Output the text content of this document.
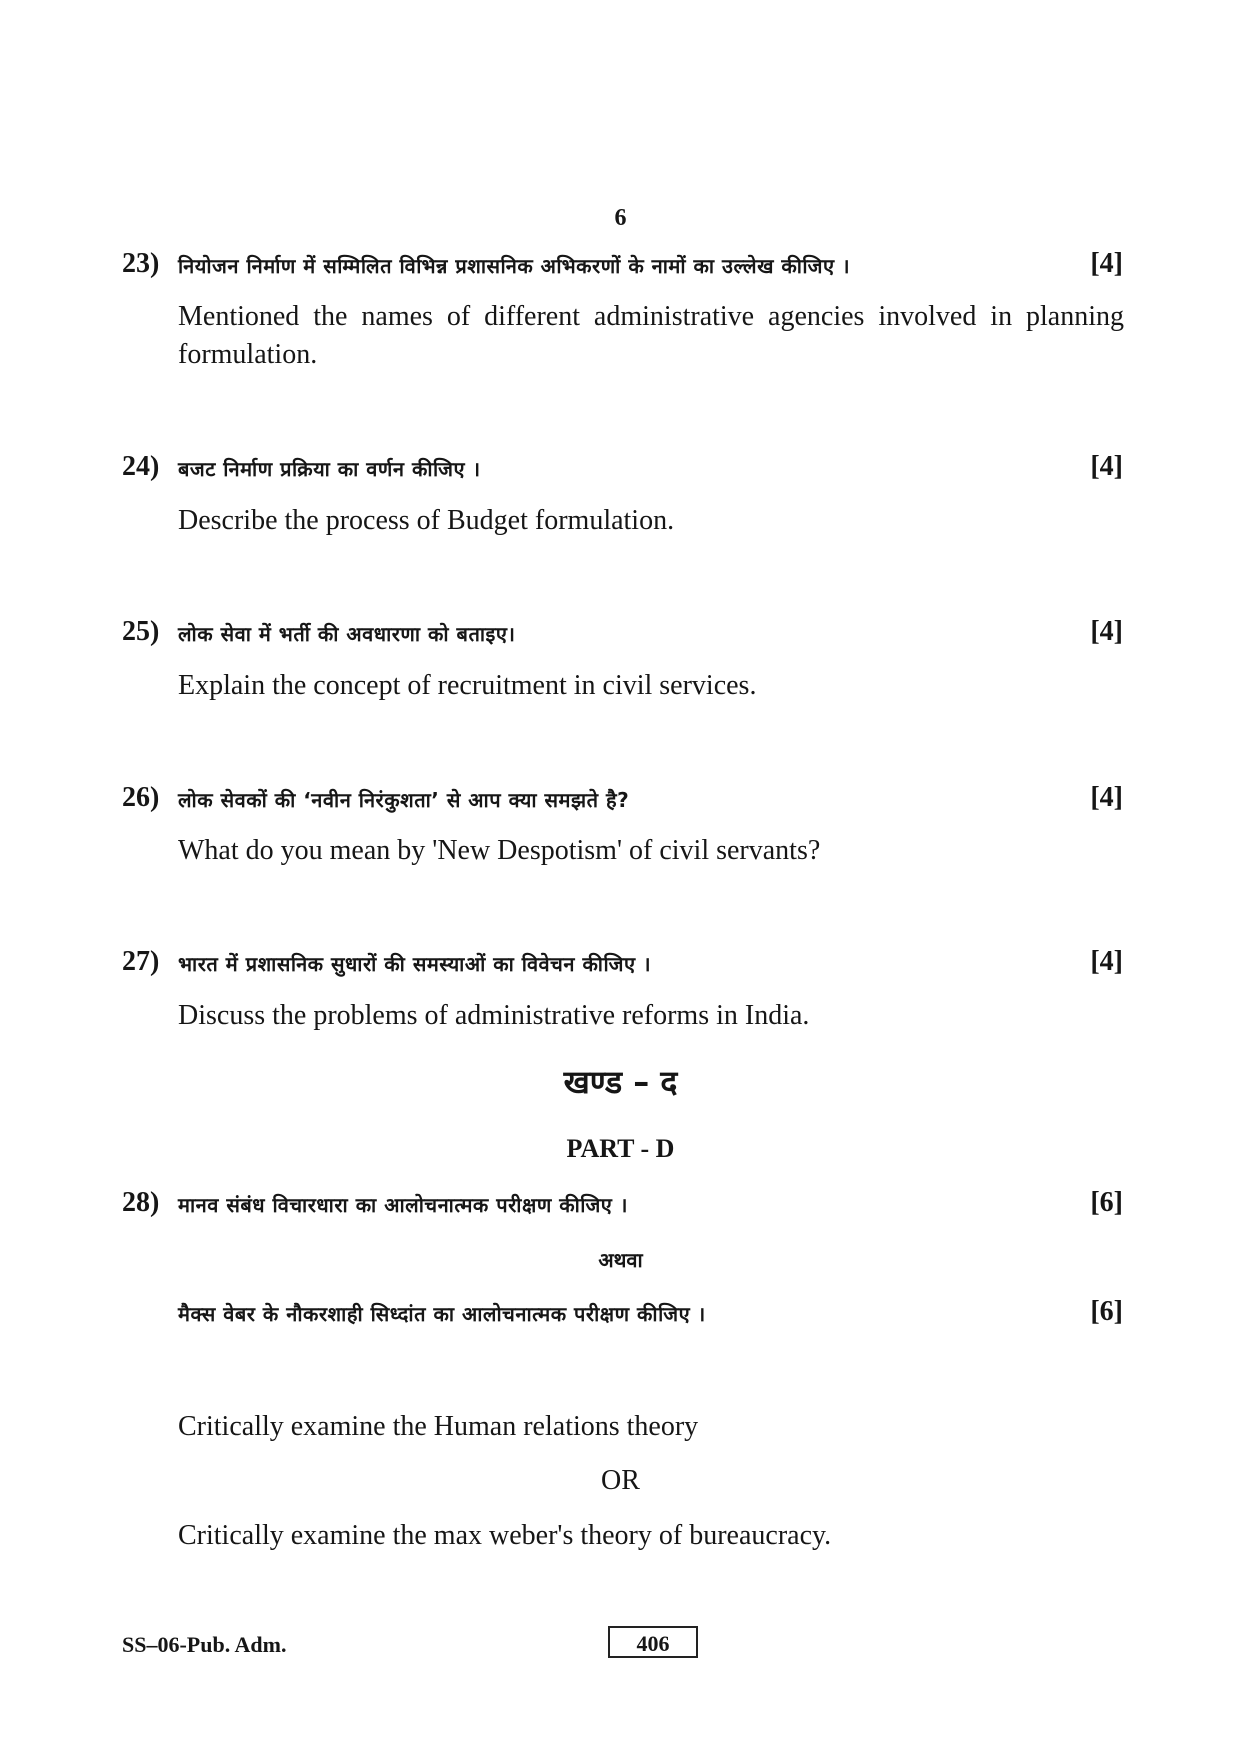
6
23) नियोजन निर्माण में सम्मिलित विभिन्न प्रशासनिक अभिकरणों के नामों का उल्लेख कीजिए ।	[4]
Mentioned the names of different administrative agencies involved in planning formulation.
24) बजट निर्माण प्रक्रिया का वर्णन कीजिए ।	[4]
Describe the process of Budget formulation.
25) लोक सेवा में भर्ती की अवधारणा को बताइए।	[4]
Explain the concept of recruitment in civil services.
26) लोक सेवकों की ‘नवीन निरंकुशता’ से आप क्या समझते है?	[4]
What do you mean by 'New Despotism' of civil servants?
27) भारत में प्रशासनिक सुधारों की समस्याओं का विवेचन कीजिए ।	[4]
Discuss the problems of administrative reforms in India.
खण्ड – द
PART - D
28) मानव संबंध विचारधारा का आलोचनात्मक परीक्षण कीजिए ।	[6]
अथवा
मैक्स वेबर के नौकरशाही सिध्दांत का आलोचनात्मक परीक्षण कीजिए ।	[6]
Critically examine the Human relations theory
OR
Critically examine the max weber's theory of bureaucracy.
SS–06-Pub. Adm.	406
